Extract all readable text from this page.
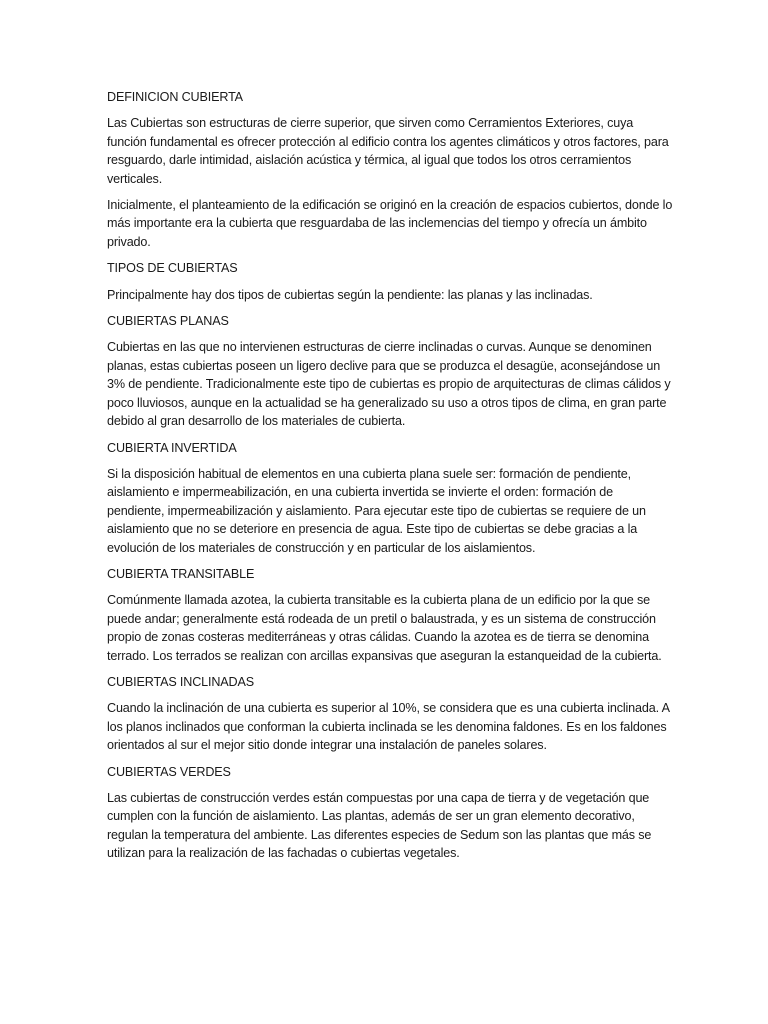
DEFINICION CUBIERTA

Las Cubiertas son estructuras de cierre superior, que sirven como Cerramientos Exteriores, cuya función fundamental es ofrecer protección al edificio contra los agentes climáticos y otros factores, para resguardo, darle intimidad, aislación acústica y térmica, al igual que todos los otros cerramientos verticales.

Inicialmente, el planteamiento de la edificación se originó en la creación de espacios cubiertos, donde lo más importante era la cubierta que resguardaba de las inclemencias del tiempo y ofrecía un ámbito privado.

TIPOS DE CUBIERTAS

Principalmente hay dos tipos de cubiertas según la pendiente: las planas y las inclinadas.

CUBIERTAS PLANAS

Cubiertas en las que no intervienen estructuras de cierre inclinadas o curvas. Aunque se denominen planas, estas cubiertas poseen un ligero declive para que se produzca el desagüe, aconsejándose un 3% de pendiente. Tradicionalmente este tipo de cubiertas es propio de arquitecturas de climas cálidos y poco lluviosos, aunque en la actualidad se ha generalizado su uso a otros tipos de clima, en gran parte debido al gran desarrollo de los materiales de cubierta.

CUBIERTA INVERTIDA

Si la disposición habitual de elementos en una cubierta plana suele ser: formación de pendiente, aislamiento e impermeabilización, en una cubierta invertida se invierte el orden: formación de pendiente, impermeabilización y aislamiento. Para ejecutar este tipo de cubiertas se requiere de un aislamiento que no se deteriore en presencia de agua. Este tipo de cubiertas se debe gracias a la evolución de los materiales de construcción y en particular de los aislamientos.

CUBIERTA TRANSITABLE

Comúnmente llamada azotea, la cubierta transitable es la cubierta plana de un edificio por la que se puede andar; generalmente está rodeada de un pretil o balaustrada, y es un sistema de construcción propio de zonas costeras mediterráneas y otras cálidas. Cuando la azotea es de tierra se denomina terrado. Los terrados se realizan con arcillas expansivas que aseguran la estanqueidad de la cubierta.

CUBIERTAS INCLINADAS

Cuando la inclinación de una cubierta es superior al 10%, se considera que es una cubierta inclinada. A los planos inclinados que conforman la cubierta inclinada se les denomina faldones. Es en los faldones orientados al sur el mejor sitio donde integrar una instalación de paneles solares.

CUBIERTAS VERDES

Las cubiertas de construcción verdes están compuestas por una capa de tierra y de vegetación que cumplen con la función de aislamiento. Las plantas, además de ser un gran elemento decorativo, regulan la temperatura del ambiente. Las diferentes especies de Sedum son las plantas que más se utilizan para la realización de las fachadas o cubiertas vegetales.
